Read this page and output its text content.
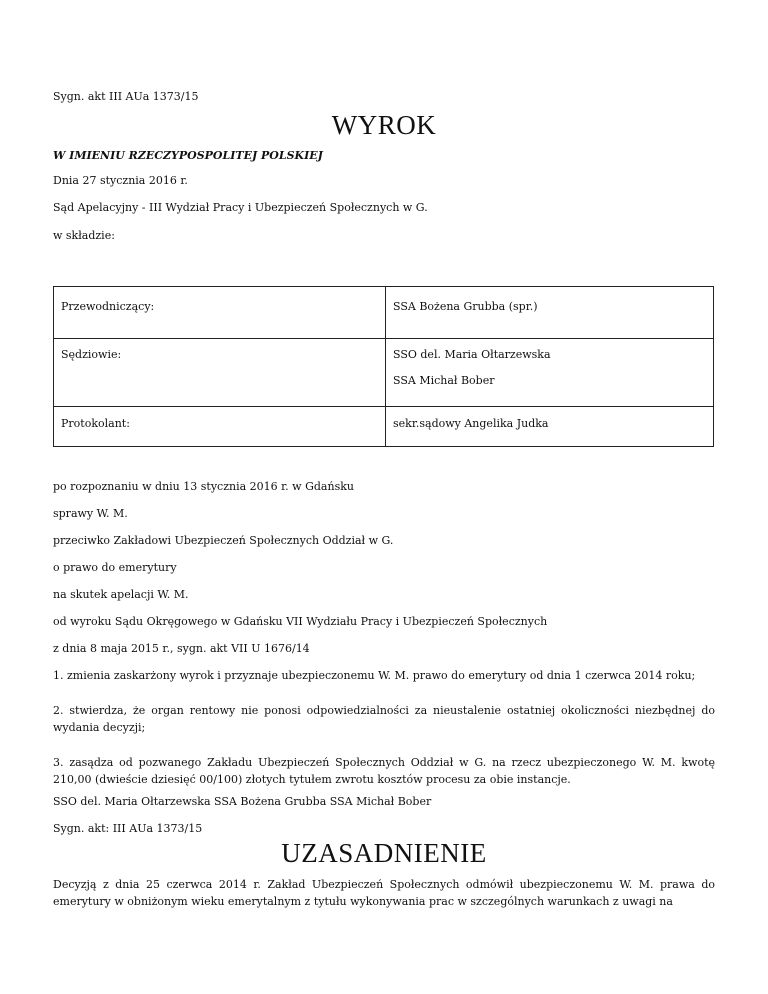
Sygn. akt III AUa 1373/15
WYROK
W IMIENIU RZECZYPOSPOLITEJ POLSKIEJ
Dnia 27 stycznia 2016 r.
Sąd Apelacyjny - III Wydział Pracy i Ubezpieczeń Społecznych w G.
w składzie:
Przewodniczący:	SSA Bożena Grubba (spr.)

Sędziowie:	SSO del. Maria Ołtarzewska
SSA Michał Bober

Protokolant:	sekr.sądowy Angelika Judka
po rozpoznaniu w dniu 13 stycznia 2016 r. w Gdańsku
sprawy W. M.
przeciwko Zakładowi Ubezpieczeń Społecznych Oddział w G.
o prawo do emerytury
na skutek apelacji W. M.
od wyroku Sądu Okręgowego w Gdańsku VII Wydziału Pracy i Ubezpieczeń Społecznych
z dnia 8 maja 2015 r., sygn. akt VII U 1676/14
1. zmienia zaskarżony wyrok i przyznaje ubezpieczonemu W. M. prawo do emerytury od dnia 1 czerwca 2014 roku;
2. stwierdza, że organ rentowy nie ponosi odpowiedzialności za nieustalenie ostatniej okoliczności niezbędnej do wydania decyzji;
3. zasądza od pozwanego Zakładu Ubezpieczeń Społecznych Oddział w G. na rzecz ubezpieczonego W. M. kwotę 210,00 (dwieście dziesięć 00/100) złotych tytułem zwrotu kosztów procesu za obie instancje.
SSO del. Maria Ołtarzewska SSA Bożena Grubba SSA Michał Bober
Sygn. akt: III AUa 1373/15
UZASADNIENIE
Decyzją z dnia 25 czerwca 2014 r. Zakład Ubezpieczeń Społecznych odmówił ubezpieczonemu W. M. prawa do emerytury w obniżonym wieku emerytalnym z tytułu wykonywania prac w szczególnych warunkach z uwagi na
